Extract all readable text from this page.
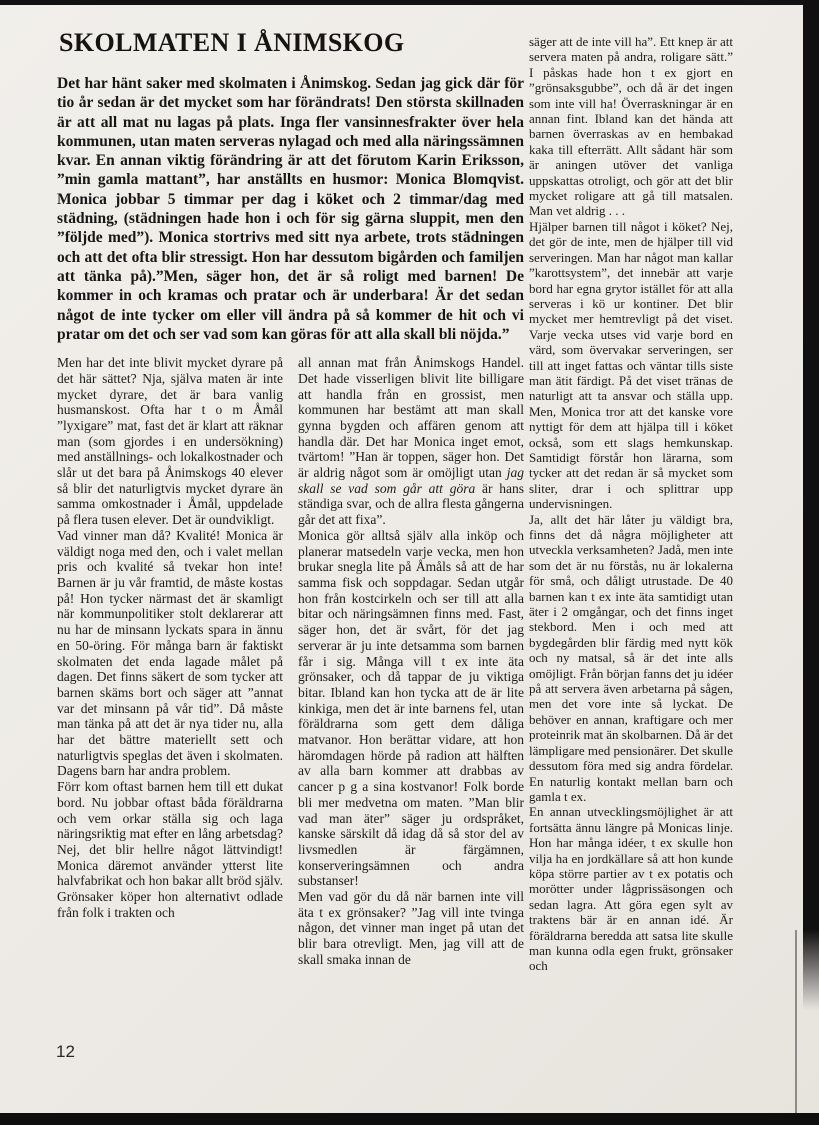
SKOLMATEN I ÅNIMSKOG

Det har hänt saker med skolmaten i Ånimskog. Sedan jag gick där för tio år sedan är det mycket som har förändrats! Den största skillnaden är att all mat nu lagas på plats. Inga fler vansinnesfrakter över hela kommunen, utan maten serveras nylagad och med alla näringssämnen kvar. En annan viktig förändring är att det förutom Karin Eriksson, ”min gamla mattant”, har anställts en husmor: Monica Blomqvist. Monica jobbar 5 timmar per dag i köket och 2 timmar/dag med städning, (städningen hade hon i och för sig gärna sluppit, men den ”följde med”). Monica stortrivs med sitt nya arbete, trots städningen och att det ofta blir stressigt. Hon har dessutom bigården och familjen att tänka på).”Men, säger hon, det är så roligt med barnen! De kommer in och kramas och pratar och är underbara! Är det sedan något de inte tycker om eller vill ändra på så kommer de hit och vi pratar om det och ser vad som kan göras för att alla skall bli nöjda.”

Men har det inte blivit mycket dyrare på det här sättet? Nja, själva maten är inte mycket dyrare, det är bara vanlig husmanskost. Ofta har t o m Åmål ”lyxigare” mat, fast det är klart att räknar man (som gjordes i en undersökning) med anställnings- och lokalkostnader och slår ut det bara på Ånimskogs 40 elever så blir det naturligtvis mycket dyrare än samma omkostnader i Åmål, uppdelade på flera tusen elever. Det är oundvikligt.

Vad vinner man då? Kvalité! Monica är väldigt noga med den, och i valet mellan pris och kvalité så tvekar hon inte! Barnen är ju vår framtid, de måste kostas på! Hon tycker närmast det är skamligt när kommunpolitiker stolt deklarerar att nu har de minsann lyckats spara in ännu en 50-öring. För många barn är faktiskt skolmaten det enda lagade målet på dagen. Det finns säkert de som tycker att barnen skäms bort och säger att ”annat var det minsann på vår tid”. Då måste man tänka på att det är nya tider nu, alla har det bättre materiellt sett och naturligtvis speglas det även i skolmaten. Dagens barn har andra problem.

Förr kom oftast barnen hem till ett dukat bord. Nu jobbar oftast båda föräldrarna och vem orkar ställa sig och laga näringsriktig mat efter en lång arbetsdag? Nej, det blir hellre något lättvindigt! Monica däremot använder ytterst lite halvfabrikat och hon bakar allt bröd själv. Grönsaker köper hon alternativt odlade från folk i trakten och

all annan mat från Ånimskogs Handel. Det hade visserligen blivit lite billigare att handla från en grossist, men kommunen har bestämt att man skall gynna bygden och affären genom att handla där. Det har Monica inget emot, tvärtom! ”Han är toppen, säger hon. Det är aldrig något som är omöjligt utan jag skall se vad som går att göra är hans ständiga svar, och de allra flesta gångerna går det att fixa”.

Monica gör alltså själv alla inköp och planerar matsedeln varje vecka, men hon brukar snegla lite på Åmåls så att de har samma fisk och soppdagar. Sedan utgår hon från kostcirkeln och ser till att alla bitar och näringsämnen finns med. Fast, säger hon, det är svårt, för det jag serverar är ju inte detsamma som barnen får i sig. Många vill t ex inte äta grönsaker, och då tappar de ju viktiga bitar. Ibland kan hon tycka att de är lite kinkiga, men det är inte barnens fel, utan föräldrarna som gett dem dåliga matvanor. Hon berättar vidare, att hon häromdagen hörde på radion att hälften av alla barn kommer att drabbas av cancer p g a sina kostvanor! Folk borde bli mer medvetna om maten. ”Man blir vad man äter” säger ju ordspråket, kanske särskilt då idag då så stor del av livsmedlen är färgämnen, konserveringsämnen och andra substanser!

Men vad gör du då när barnen inte vill äta t ex grönsaker? ”Jag vill inte tvinga någon, det vinner man inget på utan det blir bara otrevligt. Men, jag vill att de skall smaka innan de

säger att de inte vill ha”. Ett knep är att servera maten på andra, roligare sätt.” I påskas hade hon t ex gjort en ”grönsaksgubbe”, och då är det ingen som inte vill ha! Överraskningar är en annan fint. Ibland kan det hända att barnen överraskas av en hembakad kaka till efterrätt. Allt sådant här som är aningen utöver det vanliga uppskattas otroligt, och gör att det blir mycket roligare att gå till matsalen. Man vet aldrig . . .

Hjälper barnen till något i köket? Nej, det gör de inte, men de hjälper till vid serveringen. Man har något man kallar ”karottsystem”, det innebär att varje bord har egna grytor istället för att alla serveras i kö ur kontiner. Det blir mycket mer hemtrevligt på det viset. Varje vecka utses vid varje bord en värd, som övervakar serveringen, ser till att inget fattas och väntar tills siste man ätit färdigt. På det viset tränas de naturligt att ta ansvar och ställa upp. Men, Monica tror att det kanske vore nyttigt för dem att hjälpa till i köket också, som ett slags hemkunskap. Samtidigt förstår hon lärarna, som tycker att det redan är så mycket som sliter, drar i och splittrar upp undervisningen.

Ja, allt det här låter ju väldigt bra, finns det då några möjligheter att utveckla verksamheten? Jadå, men inte som det är nu förstås, nu är lokalerna för små, och dåligt utrustade. De 40 barnen kan t ex inte äta samtidigt utan äter i 2 omgångar, och det finns inget stekbord. Men i och med att bygdegården blir färdig med nytt kök och ny matsal, så är det inte alls omöjligt. Från början fanns det ju idéer på att servera även arbetarna på sågen, men det vore inte så lyckat. De behöver en annan, kraftigare och mer proteinrik mat än skolbarnen. Då är det lämpligare med pensionärer. Det skulle dessutom föra med sig andra fördelar. En naturlig kontakt mellan barn och gamla t ex.

En annan utvecklingsmöjlighet är att fortsätta ännu längre på Monicas linje. Hon har många idéer, t ex skulle hon vilja ha en jordkällare så att hon kunde köpa större partier av t ex potatis och morötter under lågprissäsongen och sedan lagra. Att göra egen sylt av traktens bär är en annan idé. Är föräldrarna beredda att satsa lite skulle man kunna odla egen frukt, grönsaker och

12
